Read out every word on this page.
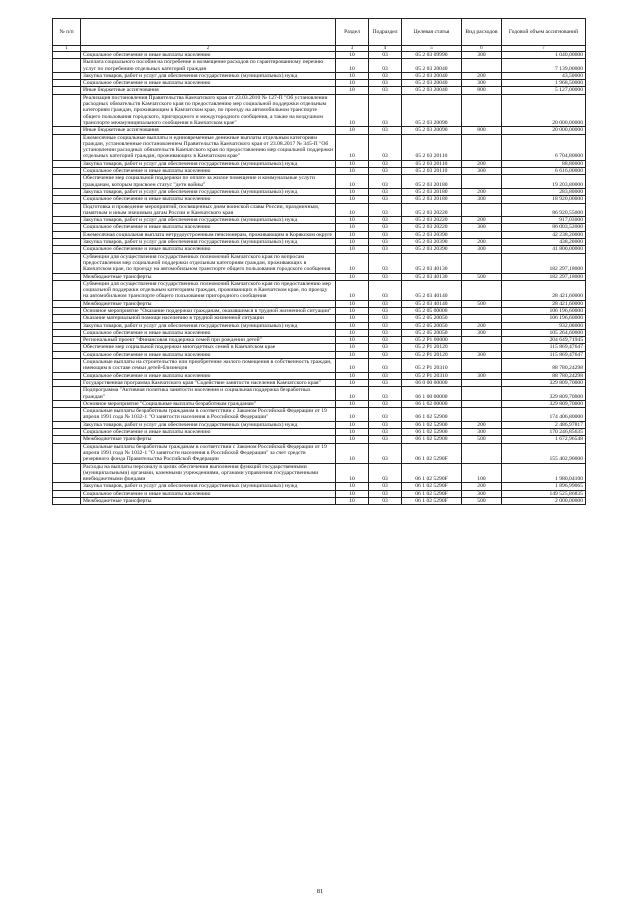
№ п/п		Раздел	Подраздел	Целевая статья	Вид расходов	Годовой объем ассигнований
1	2	3	4	5	6	7
	Социальное обеспечение и иные выплаты населению	10	03	05 2 03 09990	300	1 040,00000
	Выплата социального пособия на погребение и возмещение расходов по гарантированному перечню услуг по погребению отдельных категорий граждан	10	03	05 2 03 20040		7 139,00000
	Закупка товаров, работ и услуг для обеспечения государственных (муниципальных) нужд	10	03	05 2 03 20040	200	43,50000
	Социальное обеспечение и иные выплаты населению	10	03	05 2 03 20040	300	1 968,50000
	Иные бюджетные ассигнования	10	03	05 2 03 20040	800	5 127,00000
	Реализация постановления Правительства Камчатского края от 23.03.2010 № 127-П "Об установлении расходных обязательств Камчатского края по предоставлению мер социальной поддержки отдельным категориям граждан, проживающим в Камчатском крае, по проезду на автомобильном транспорте общего пользования городского, пригородного и междугородного сообщения, а также на воздушном транспорте межмуниципального сообщения в Камчатском крае"	10	03	05 2 03 20090		20 000,00000
	Иные бюджетные ассигнования	10	03	05 2 03 20090	800	20 000,00000
	Ежемесячные социальные выплаты и единовременные денежные выплаты отдельным категориям граждан, установленные постановлением Правительства Камчатского края от 23.08.2017 № 345-П "Об установлении расходных обязательств Камчатского края по предоставлению мер социальной поддержки отдельных категорий граждан, проживающих в Камчатском крае"	10	03	05 2 03 20110		6 704,80000
	Закупка товаров, работ и услуг для обеспечения государственных (муниципальных) нужд	10	03	05 2 03 20110	200	88,80000
	Социальное обеспечение и иные выплаты населению	10	03	05 2 03 20110	300	6 616,00000
	Обеспечение мер социальной поддержки по оплате за жилое помещение и коммунальные услуги гражданам, которым присвоен статус "дети войны"	10	03	05 2 03 20180		19 203,80000
	Закупка товаров, работ и услуг для обеспечения государственных (муниципальных) нужд	10	03	05 2 03 20180	200	283,80000
	Социальное обеспечение и иные выплаты населению	10	03	05 2 03 20180	300	18 920,00000
	Подготовка и проведение мероприятий, посвященных дням воинской славы России, праздничным, памятным и иным значимым датам России и Камчатского края	10	03	05 2 03 20220		86 920,55000
	Закупка товаров, работ и услуг для обеспечения государственных (муниципальных) нужд	10	03	05 2 03 20220	200	917,03000
	Социальное обеспечение и иные выплаты населению	10	03	05 2 03 20220	300	86 003,52000
	Ежемесячная социальная выплата нетрудоустроенным пенсионерам, проживающим в Корякском округе	10	03	05 2 03 20390		42 238,20000
	Закупка товаров, работ и услуг для обеспечения государственных (муниципальных) нужд	10	03	05 2 03 20390	200	438,20000
	Социальное обеспечение и иные выплаты населению	10	03	05 2 03 20390	300	41 800,00000
	Субвенции для осуществления государственных полномочий Камчатского края по вопросам предоставления мер социальной поддержки отдельным категориям граждан, проживающих в Камчатском крае, по проезду на автомобильном транспорте общего пользования городского сообщения	10	03	05 2 03 40130		182 297,18000
	Межбюджетные трансферты	10	03	05 2 03 40130	500	182 297,18000
	Субвенции для осуществления государственных полномочий Камчатского края по предоставлению мер социальной поддержки отдельным категориям граждан, проживающих в Камчатском крае, по проезду на автомобильном транспорте общего пользования пригородного сообщения	10	03	05 2 03 40140		28 421,60000
	Межбюджетные трансферты	10	03	05 2 03 40140	500	28 421,60000
	Основное мероприятие "Оказание поддержки гражданам, оказавшимся в трудной жизненной ситуации"	10	03	05 2 05 00000		106 196,60000
	Оказание материальной помощи населению в трудной жизненной ситуации	10	03	05 2 05 20050		106 196,60000
	Закупка товаров, работ и услуг для обеспечения государственных (муниципальных) нужд	10	03	05 2 05 20050	200	932,00000
	Социальное обеспечение и иные выплаты населению	10	03	05 2 05 20050	300	105 264,60000
	Региональный проект "Финансовая поддержка семей при рождении детей"	10	03	05 2 P1 00000		204 649,71945
	Обеспечение мер социальной поддержки многодетных семей в Камчатском крае	10	03	05 2 P1 20120		115 869,47647
	Социальное обеспечение и иные выплаты населению	10	03	05 2 P1 20120	300	115 869,47647
	Социальные выплаты на строительство или приобретение жилого помещения в собственность граждан, имеющим в составе семьи детей-близнецов	10	03	05 2 P1 20310		88 780,24298
	Социальное обеспечение и иные выплаты населению	10	03	05 2 P1 20310	300	88 780,24298
	Государственная программа Камчатского края "Содействие занятости населения Камчатского края"	10	03	06 0 00 00000		329 809,70000
	Подпрограмма "Активная политика занятости населения и социальная поддержка безработных граждан"	10	03	06 1 00 00000		329 809,70000
	Основное мероприятие "Социальные выплаты безработным гражданам"	10	03	06 1 02 00000		329 809,70000
	Социальные выплаты безработным гражданам в соответствии с Законом Российской Федерации от 19 апреля 1991 года № 1032-1 "О занятости населения в Российской Федерации"	10	03	06 1 02 52900		174 406,80000
	Закупка товаров, работ и услуг для обеспечения государственных (муниципальных) нужд	10	03	06 1 02 52900	200	2 486,97817
	Социальное обеспечение и иные выплаты населению	10	03	06 1 02 52900	300	170 246,85635
	Межбюджетные трансферты	10	03	06 1 02 52900	500	1 672,96548
	Социальные выплаты безработным гражданам в соответствии с Законом Российской Федерации от 19 апреля 1991 года № 1032-1 "О занятости населения в Российской Федерации" за счет средств резервного фонда Правительства Российской Федерации	10	03	06 1 02 5290F		155 402,90000
	Расходы на выплаты персоналу в целях обеспечения выполнения функций государственными (муниципальными) органами, казенными учреждениями, органами управления государственными внебюджетными фондами	10	03	06 1 02 5290F	100	1 980,04100
	Закупка товаров, работ и услуг для обеспечения государственных (муниципальных) нужд	10	03	06 1 02 5290F	200	1 896,99065
	Социальное обеспечение и иные выплаты населению	10	03	06 1 02 5290F	300	149 525,86835
	Межбюджетные трансферты	10	03	06 1 02 5290F	500	2 000,00000
81
